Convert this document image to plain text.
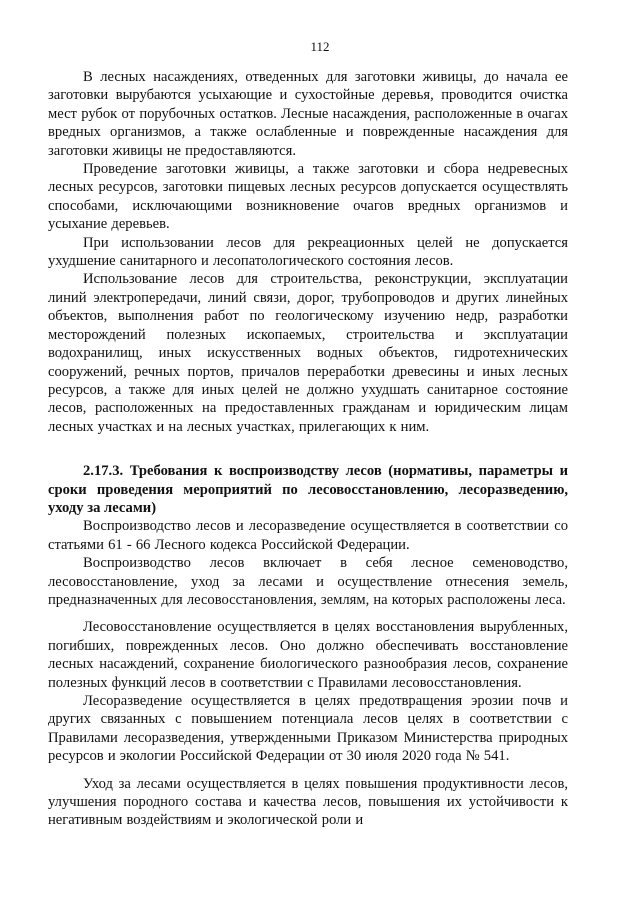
112

В лесных насаждениях, отведенных для заготовки живицы, до начала ее заготовки вырубаются усыхающие и сухостойные деревья, проводится очистка мест рубок от порубочных остатков. Лесные насаждения, расположенные в очагах вредных организмов, а также ослабленные и поврежденные насаждения для заготовки живицы не предоставляются.

Проведение заготовки живицы, а также заготовки и сбора недревесных лесных ресурсов, заготовки пищевых лесных ресурсов допускается осуществлять способами, исключающими возникновение очагов вредных организмов и усыхание деревьев.

При использовании лесов для рекреационных целей не допускается ухудшение санитарного и лесопатологического состояния лесов.

Использование лесов для строительства, реконструкции, эксплуатации линий электропередачи, линий связи, дорог, трубопроводов и других линейных объектов, выполнения работ по геологическому изучению недр, разработки месторождений полезных ископаемых, строительства и эксплуатации водохранилищ, иных искусственных водных объектов, гидротехнических сооружений, речных портов, причалов переработки древесины и иных лесных ресурсов, а также для иных целей не должно ухудшать санитарное состояние лесов, расположенных на предоставленных гражданам и юридическим лицам лесных участках и на лесных участках, прилегающих к ним.

2.17.3. Требования к воспроизводству лесов (нормативы, параметры и сроки проведения мероприятий по лесовосстановлению, лесоразведению, уходу за лесами)

Воспроизводство лесов и лесоразведение осуществляется в соответствии со статьями 61 - 66 Лесного кодекса Российской Федерации.

Воспроизводство лесов включает в себя лесное семеноводство, лесовосстановление, уход за лесами и осуществление отнесения земель, предназначенных для лесовосстановления, землям, на которых расположены леса.

Лесовосстановление осуществляется в целях восстановления вырубленных, погибших, поврежденных лесов. Оно должно обеспечивать восстановление лесных насаждений, сохранение биологического разнообразия лесов, сохранение полезных функций лесов в соответствии с Правилами лесовосстановления.

Лесоразведение осуществляется в целях предотвращения эрозии почв и других связанных с повышением потенциала лесов целях в соответствии с Правилами лесоразведения, утвержденными Приказом Министерства природных ресурсов и экологии Российской Федерации от 30 июля 2020 года № 541.

Уход за лесами осуществляется в целях повышения продуктивности лесов, улучшения породного состава и качества лесов, повышения их устойчивости к негативным воздействиям и экологической роли и
